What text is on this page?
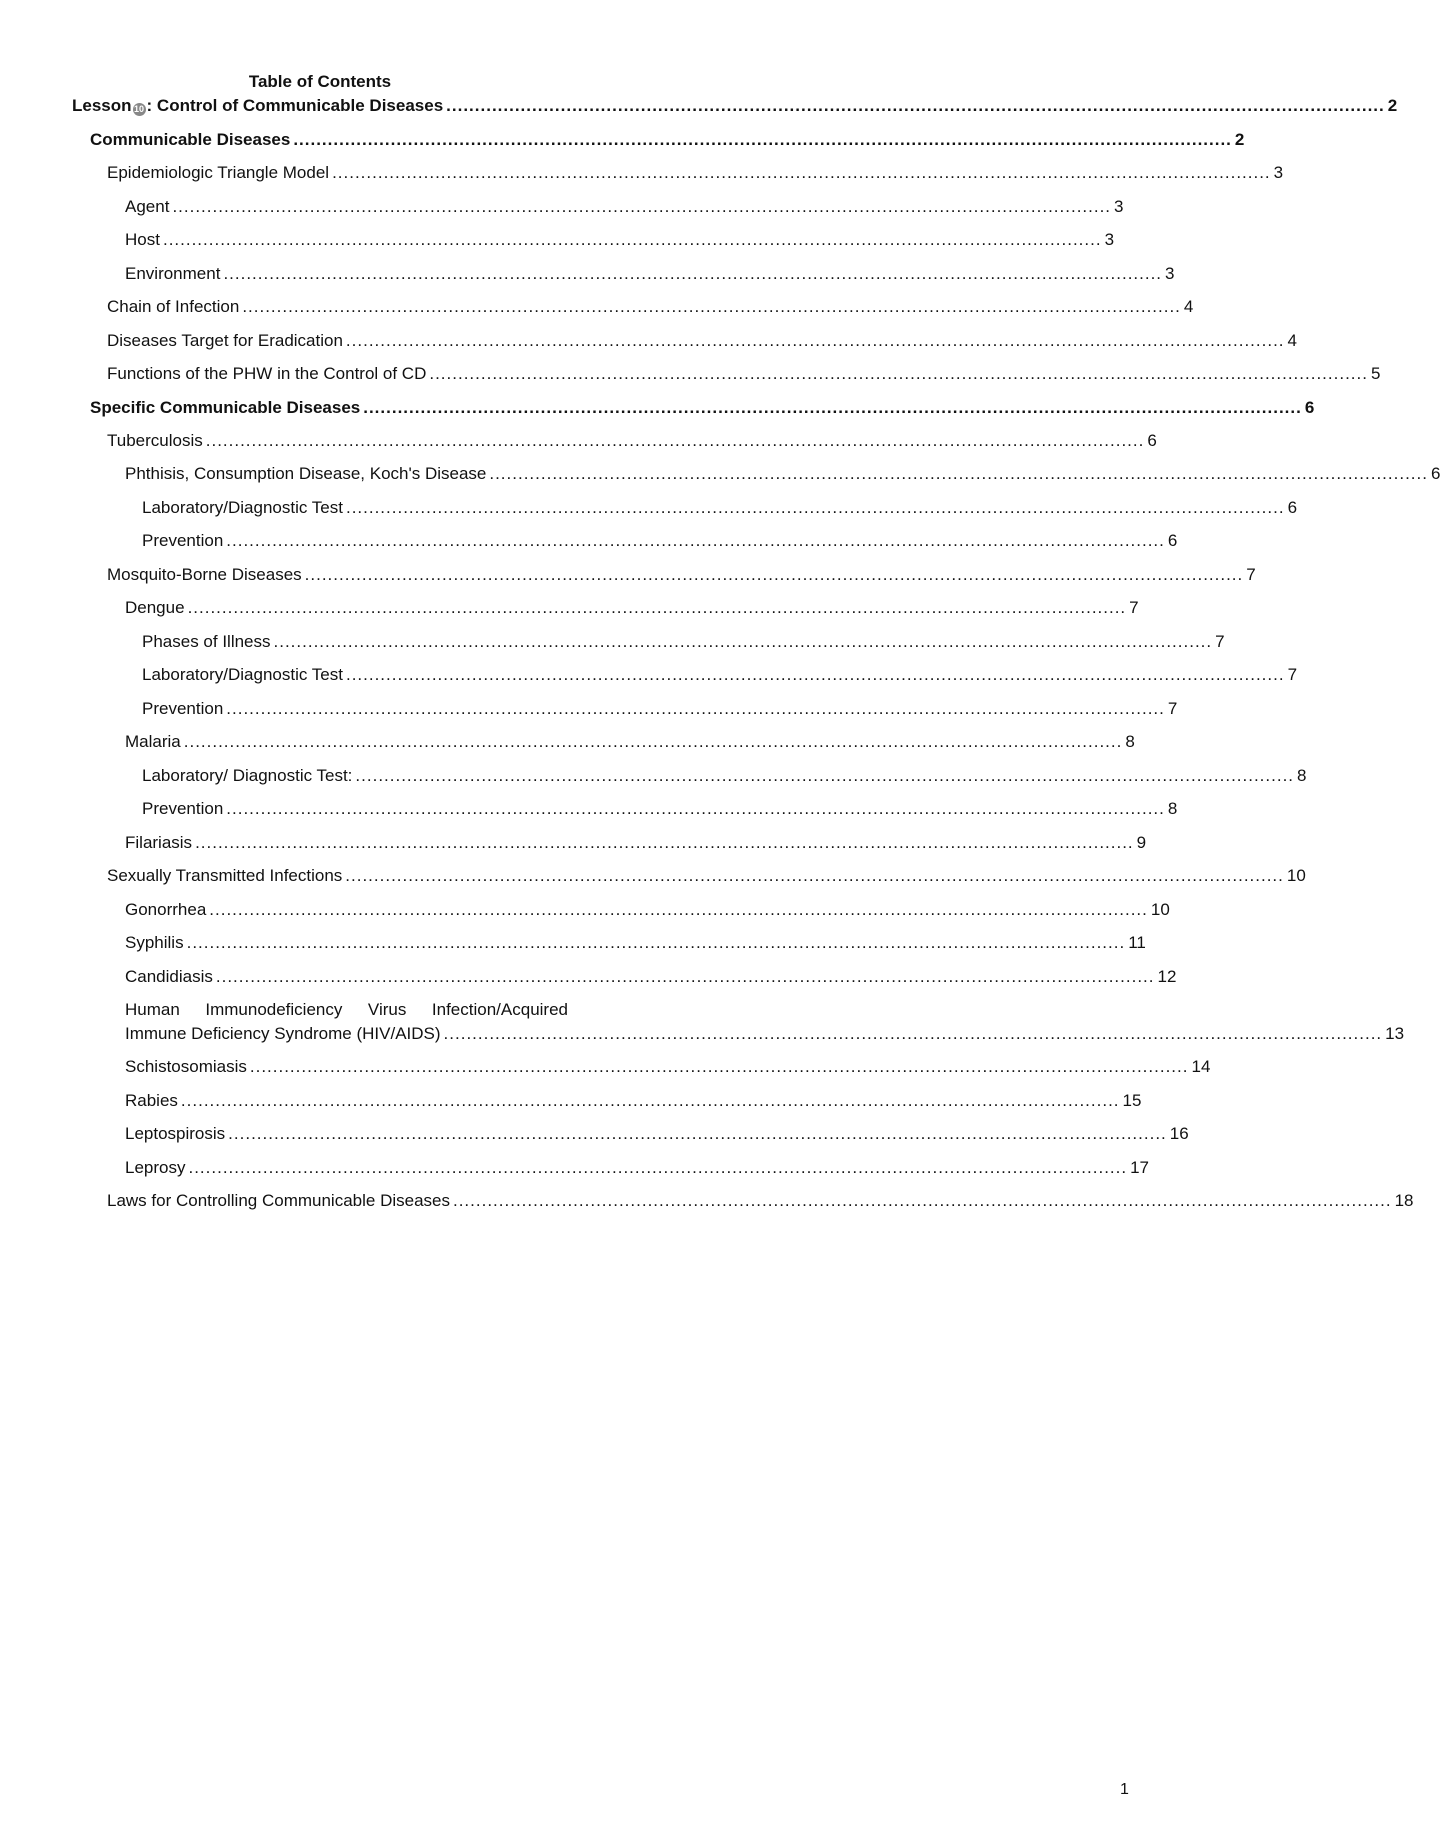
Table of Contents
Lesson 10 : Control of Communicable Diseases .................................................................................................................................................................... 2
Communicable Diseases .................................................................................................................................................................... 2
Epidemiologic Triangle Model .................................................................................................................................................................... 3
Agent .................................................................................................................................................................... 3
Host .................................................................................................................................................................... 3
Environment .................................................................................................................................................................... 3
Chain of Infection .................................................................................................................................................................... 4
Diseases Target for Eradication .................................................................................................................................................................... 4
Functions of the PHW in the Control of CD .................................................................................................................................................................... 5
Specific Communicable Diseases .................................................................................................................................................................... 6
Tuberculosis .................................................................................................................................................................... 6
Phthisis, Consumption Disease, Koch's Disease .................................................................................................................................................................... 6
Laboratory/Diagnostic Test .................................................................................................................................................................... 6
Prevention .................................................................................................................................................................... 6
Mosquito-Borne Diseases .................................................................................................................................................................... 7
Dengue .................................................................................................................................................................... 7
Phases of Illness .................................................................................................................................................................... 7
Laboratory/Diagnostic Test .................................................................................................................................................................... 7
Prevention .................................................................................................................................................................... 7
Malaria .................................................................................................................................................................... 8
Laboratory/ Diagnostic Test: .................................................................................................................................................................... 8
Prevention .................................................................................................................................................................... 8
Filariasis .................................................................................................................................................................... 9
Sexually Transmitted Infections .................................................................................................................................................................... 10
Gonorrhea .................................................................................................................................................................... 10
Syphilis .................................................................................................................................................................... 11
Candidiasis .................................................................................................................................................................... 12
Human Immunodeficiency Virus Infection/Acquired
Immune Deficiency Syndrome (HIV/AIDS) .................................................................................................................................................................... 13
Schistosomiasis .................................................................................................................................................................... 14
Rabies .................................................................................................................................................................... 15
Leptospirosis .................................................................................................................................................................... 16
Leprosy .................................................................................................................................................................... 17
Laws for Controlling Communicable Diseases .................................................................................................................................................................... 18
1
